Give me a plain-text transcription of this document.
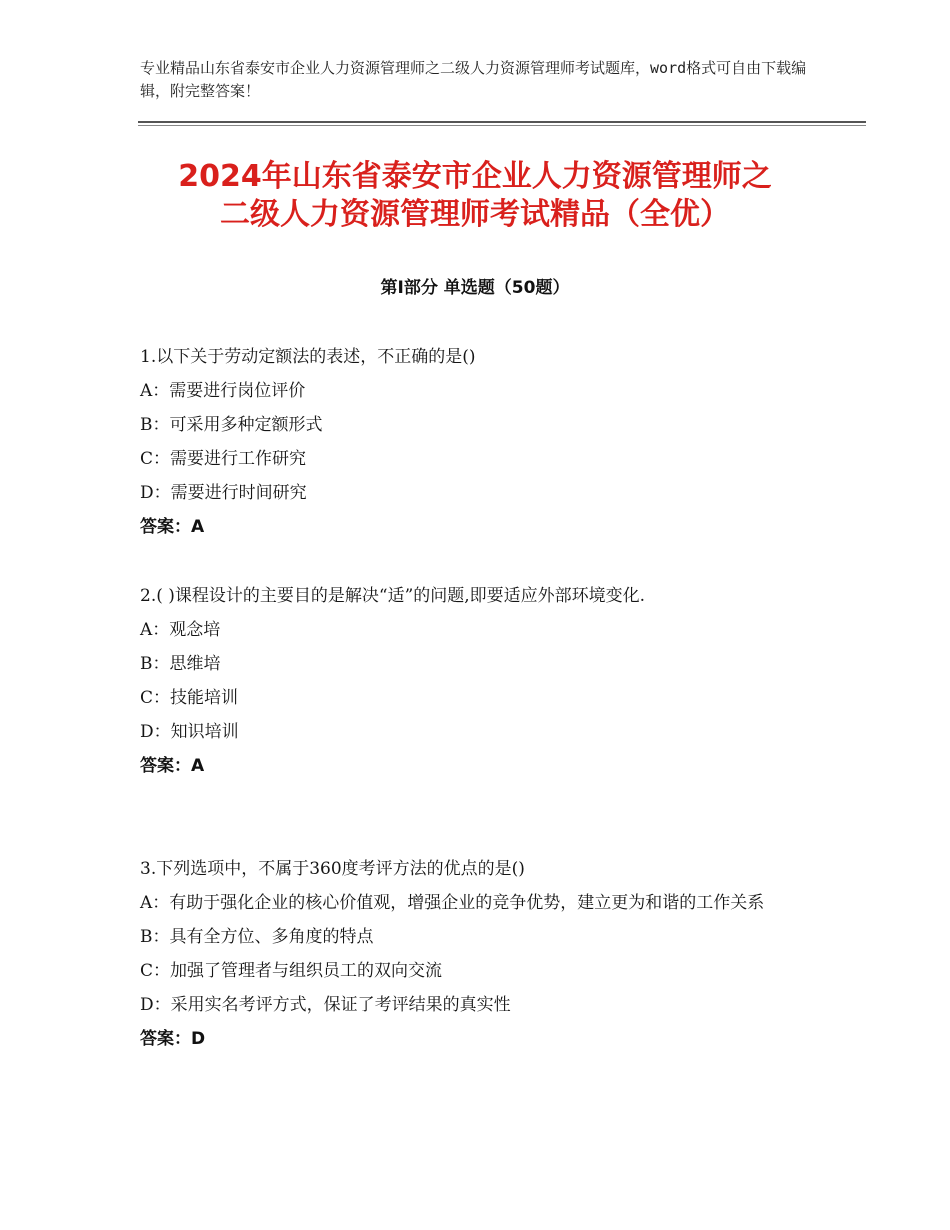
专业精品山东省泰安市企业人力资源管理师之二级人力资源管理师考试题库，word格式可自由下载编辑，附完整答案！
2024年山东省泰安市企业人力资源管理师之
二级人力资源管理师考试精品（全优）
第I部分 单选题（50题）
1.以下关于劳动定额法的表述，不正确的是()
A：需要进行岗位评价
B：可采用多种定额形式
C：需要进行工作研究
D：需要进行时间研究
答案：A
2.( )课程设计的主要目的是解决“适”的问题,即要适应外部环境变化.
A：观念培
B：思维培
C：技能培训
D：知识培训
答案：A
3.下列选项中，不属于360度考评方法的优点的是()
A：有助于强化企业的核心价值观，增强企业的竞争优势，建立更为和谐的工作关系
B：具有全方位、多角度的特点
C：加强了管理者与组织员工的双向交流
D：采用实名考评方式，保证了考评结果的真实性
答案：D
